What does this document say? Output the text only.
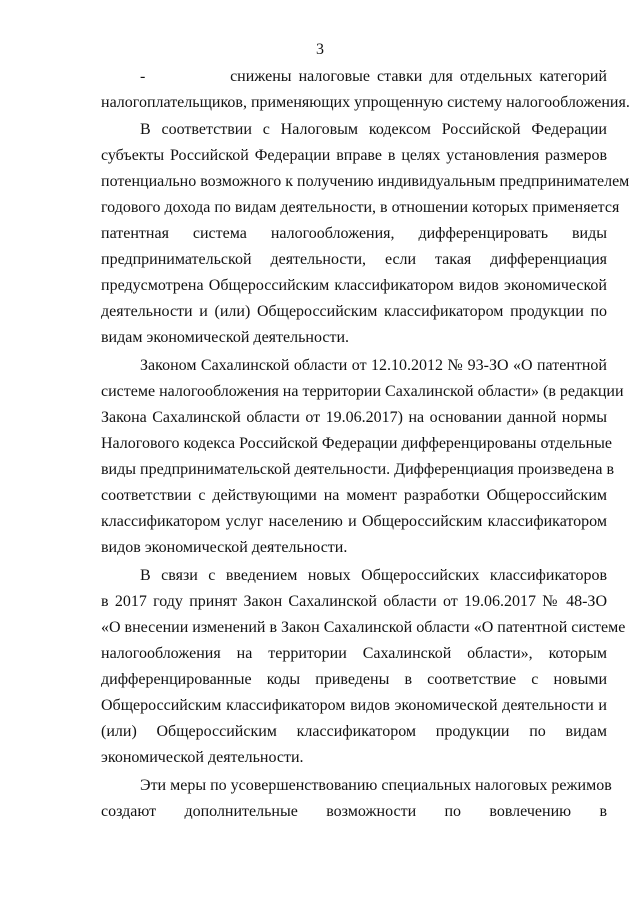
3
-            снижены налоговые ставки для отдельных категорий
налогоплательщиков, применяющих упрощенную систему налогообложения.
В соответствии с Налоговым кодексом Российской Федерации
субъекты Российской Федерации вправе в целях установления размеров
потенциально возможного к получению индивидуальным предпринимателем
годового дохода по видам деятельности, в отношении которых применяется
патентная система налогообложения, дифференцировать виды
предпринимательской деятельности, если такая дифференциация
предусмотрена Общероссийским классификатором видов экономической
деятельности и (или) Общероссийским классификатором продукции по
видам экономической деятельности.
Законом Сахалинской области от 12.10.2012 № 93-ЗО «О патентной
системе налогообложения на территории Сахалинской области» (в редакции
Закона Сахалинской области от 19.06.2017) на основании данной нормы
Налогового кодекса Российской Федерации дифференцированы отдельные
виды предпринимательской деятельности. Дифференциация произведена в
соответствии с действующими на момент разработки Общероссийским
классификатором услуг населению и Общероссийским классификатором
видов экономической деятельности.
В связи с введением новых Общероссийских классификаторов
в 2017 году принят Закон Сахалинской области от 19.06.2017 № 48-ЗО
«О внесении изменений в Закон Сахалинской области «О патентной системе
налогообложения на территории Сахалинской области», которым
дифференцированные коды приведены в соответствие с новыми
Общероссийским классификатором видов экономической деятельности и
(или) Общероссийским классификатором продукции по видам
экономической деятельности.
Эти меры по усовершенствованию специальных налоговых режимов
создают дополнительные возможности по вовлечению в
